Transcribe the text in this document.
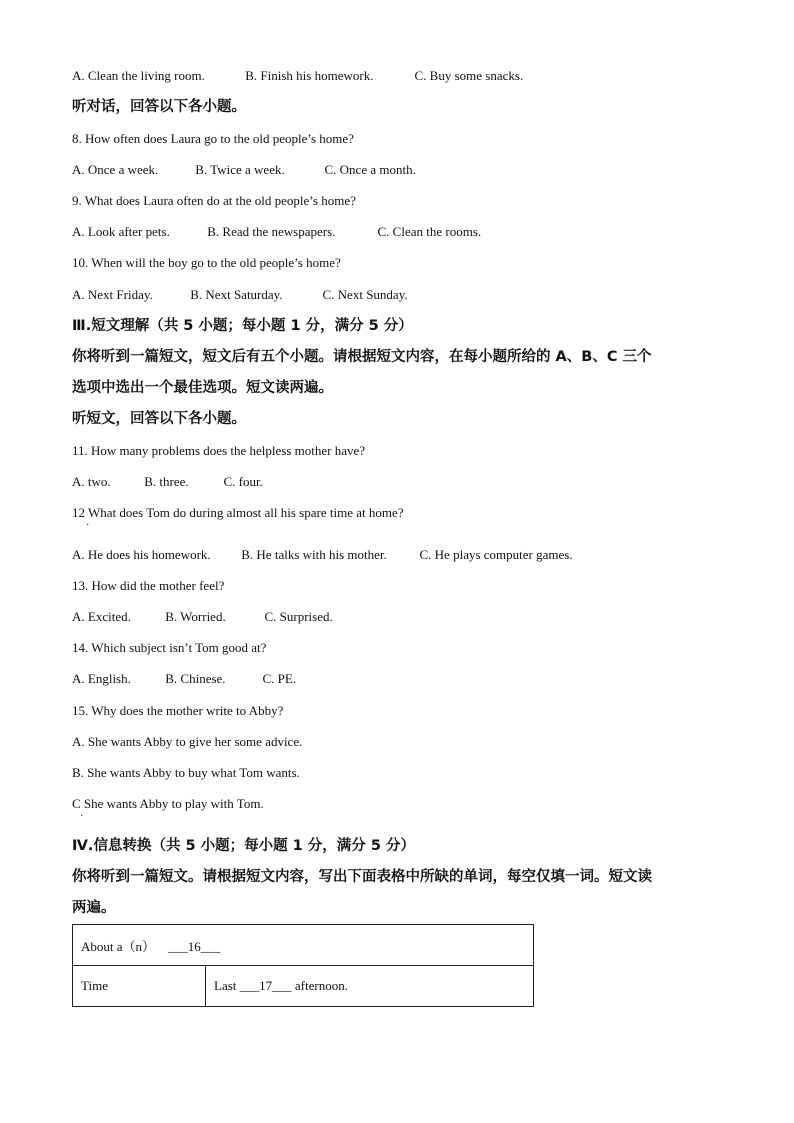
A. Clean the living room.	B. Finish his homework.	C. Buy some snacks.
听对话，回答以下各小题。
8. How often does Laura go to the old people’s home?
A. Once a week.	B. Twice a week.	C. Once a month.
9. What does Laura often do at the old people’s home?
A. Look after pets.	B. Read the newspapers.	C. Clean the rooms.
10. When will the boy go to the old people’s home?
A. Next Friday.	B. Next Saturday.	C. Next Sunday.
Ⅲ.短文理解（共 5 小题；每小题 1 分，满分 5 分）
你将听到一篇短文，短文后有五个小题。请根据短文内容，在每小题所给的 A、B、C 三个
选项中选出一个最佳选项。短文读两遍。
听短文，回答以下各小题。
11. How many problems does the helpless mother have?
A. two.	B. three.	C. four.
12 What does Tom do during almost all his spare time at home?
·
A. He does his homework. B. He talks with his mother.	C. He plays computer games.
13. How did the mother feel?
A. Excited.	B. Worried.	C. Surprised.
14. Which subject isn’t Tom good at?
A. English.	B. Chinese.	C. PE.
15. Why does the mother write to Abby?
A. She wants Abby to give her some advice.
B. She wants Abby to buy what Tom wants.
C She wants Abby to play with Tom.
·
Ⅳ.信息转换（共 5 小题；每小题 1 分，满分 5 分）
你将听到一篇短文。请根据短文内容，写出下面表格中所缺的单词，每空仅填一词。短文读
两遍。
About a（n） ___16___
Time	Last ___17___ afternoon.
